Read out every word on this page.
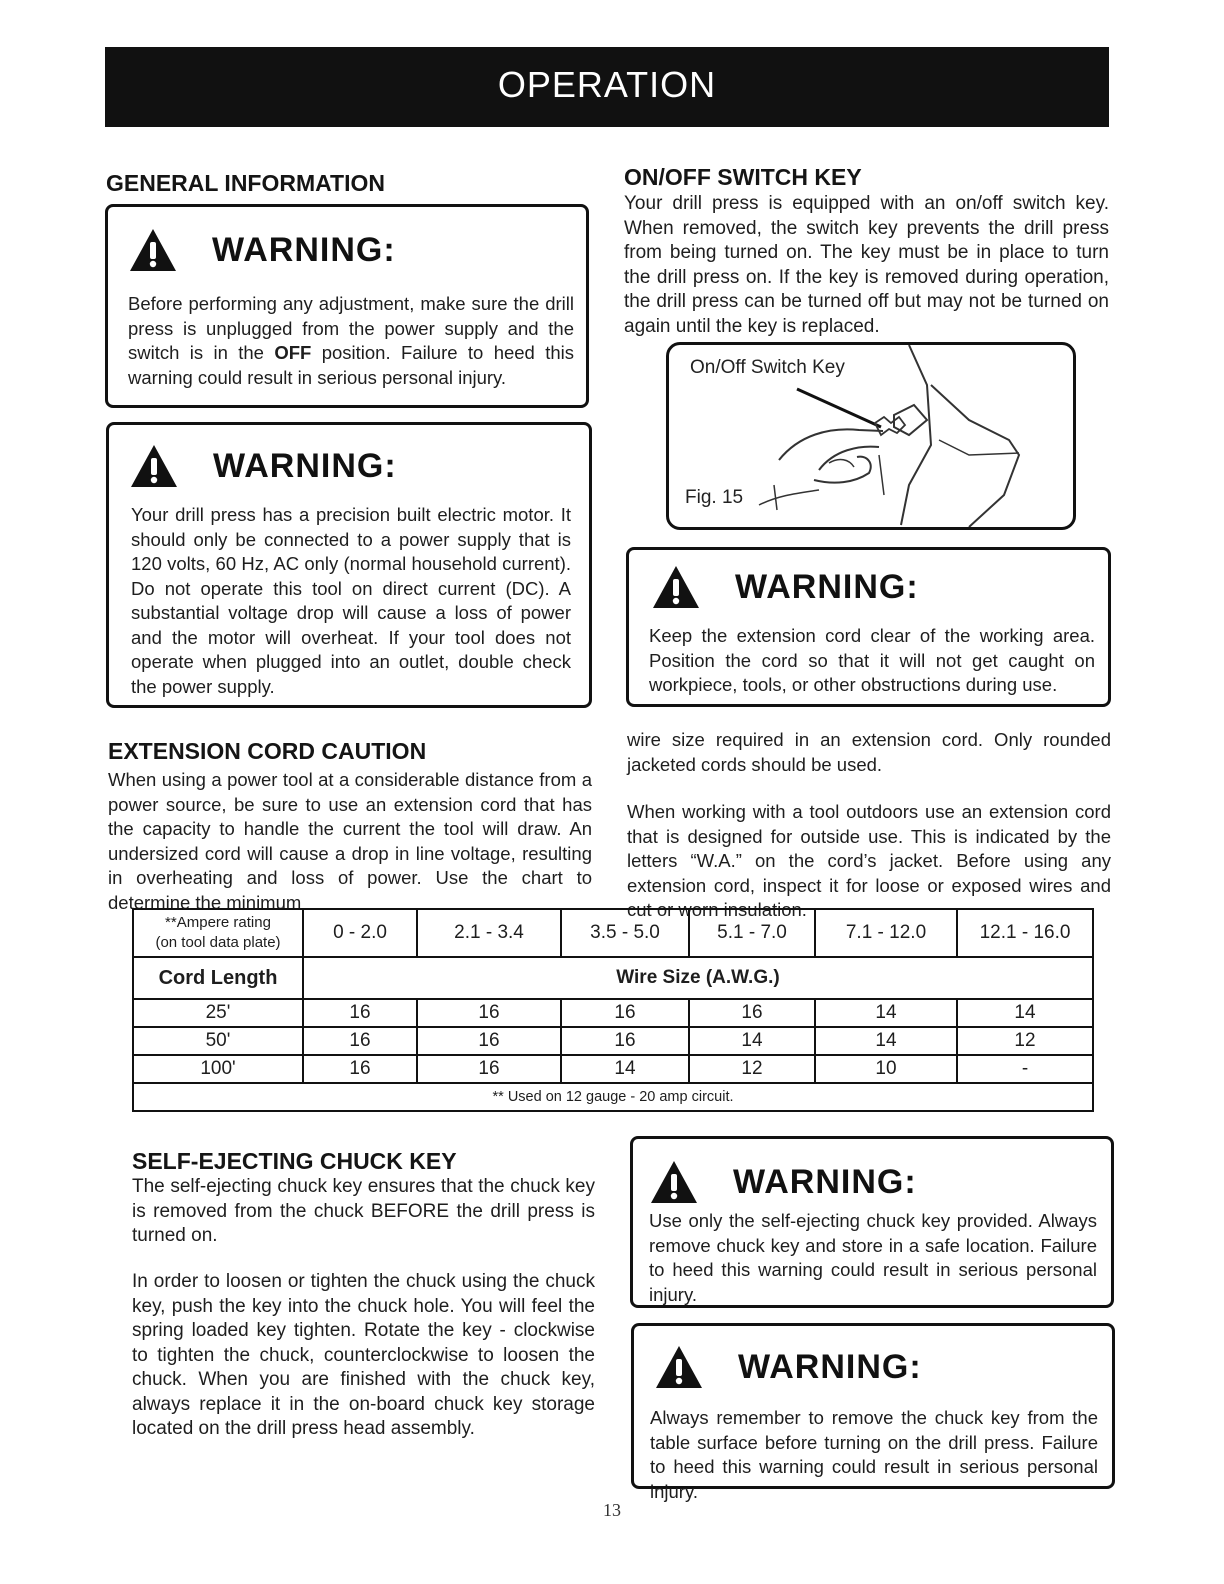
OPERATION
GENERAL INFORMATION
WARNING:

Before performing any adjustment, make sure the drill press is unplugged from the power supply and the switch is in the OFF position. Failure to heed this warning could result in serious personal injury.

WARNING:

Your drill press has a precision built electric motor. It should only be connected to a power supply that is 120 volts, 60 Hz, AC only (normal household current). Do not operate this tool on direct current (DC). A substantial voltage drop will cause a loss of power and the motor will overheat. If your tool does not operate when plugged into an outlet, double check the power supply.

ON/OFF SWITCH KEY

Your drill press is equipped with an on/off switch key. When removed, the switch key prevents the drill press from being turned on. The key must be in place to turn the drill press on. If the key is removed during operation, the drill press can be turned off but may not be turned on again until the key is replaced.

On/Off Switch Key
Fig. 15
WARNING:

Keep the extension cord clear of the working area. Position the cord so that it will not get caught on workpiece, tools, or other obstructions during use.

EXTENSION CORD CAUTION

When using a power tool at a considerable distance from a power source, be sure to use an extension cord that has the capacity to handle the current the tool will draw. An undersized cord will cause a drop in line voltage, resulting in overheating and loss of power. Use the chart to determine the minimum

wire size required in an extension cord. Only rounded jacketed cords should be used.

When working with a tool outdoors use an extension cord that is designed for outside use. This is indicated by the letters “W.A.” on the cord’s jacket. Before using any extension cord, inspect it for loose or exposed wires and cut or worn insulation.

**Ampere rating
(on tool data plate)	0 - 2.0	2.1 - 3.4	3.5 - 5.0	5.1 - 7.0	7.1 - 12.0	12.1 - 16.0
Cord Length	Wire Size (A.W.G.)					
25'	16	16	16	16	14	14
50'	16	16	16	14	14	12
100'	16	16	14	12	10	-
** Used on 12 gauge - 20 amp circuit.						
SELF-EJECTING CHUCK KEY

The self-ejecting chuck key ensures that the chuck key is removed from the chuck BEFORE the drill press is turned on.

In order to loosen or tighten the chuck using the chuck key, push the key into the chuck hole. You will feel the spring loaded key tighten. Rotate the key - clockwise to tighten the chuck, counterclockwise to loosen the chuck. When you are finished with the chuck key, always replace it in the on-board chuck key storage located on the drill press head assembly.

WARNING:

Use only the self-ejecting chuck key provided. Always remove chuck key and store in a safe location. Failure to heed this warning could result in serious personal injury.

WARNING:

Always remember to remove the chuck key from the table surface before turning on the drill press. Failure to heed this warning could result in serious personal injury.

13
